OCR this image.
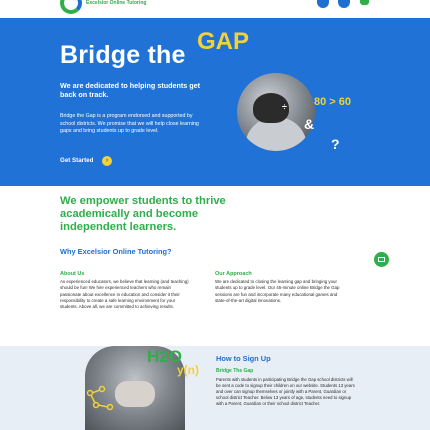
Excelsior Online Tutoring
Bridge the GAP
We are dedicated to helping students get back on track.
Bridge the Gap is a program endorsed and supported by school districts. We promise that we will help close learning gaps and bring students up to grade level.
Get Started	›
80 > 60
&
?
÷
We empower students to thrive academically and become independent learners.
Why Excelsior Online Tutoring?
About Us
As experienced educators, we believe that learning (and teaching) should be fun! We hire experienced teachers who remain passionate about excellence in education and consider it their responsibility to create a safe learning environment for your students. Above all, we are committed to achieving results.
Our Approach
We are dedicated to closing the learning gap and bringing your students up to grade level. Our 45-minute online Bridge the Gap sessions are fun and incorporate many educational games and state-of-the-art digital innovations.
H2O
y(n)
How to Sign Up
Bridge The Gap
Parents with students in participating Bridge the Gap school districts will be sent a code to signup their children on our website. Students 13 years and over can signup themselves or jointly with a Parent, Guardian or school district Teacher. Below 13 years of age, students need to signup with a Parent, Guardian or their school district Teacher.
